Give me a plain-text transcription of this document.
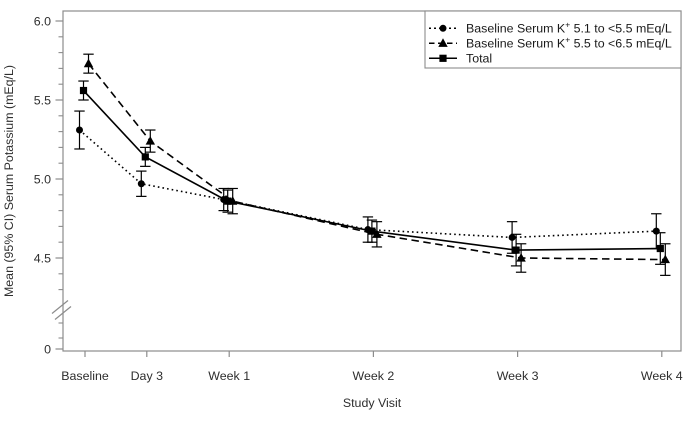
6.0
5.5
5.0
4.5
0
Baseline Day 3	Week 1	Week 2	Week 3	Week 4
Baseline Serum K+ 5.1 to <5.5 mEq/L
Baseline Serum K+ 5.5 to <6.5 mEq/L
Total
Mean (95% CI) Serum Potassium (mEq/L)
Study Visit
